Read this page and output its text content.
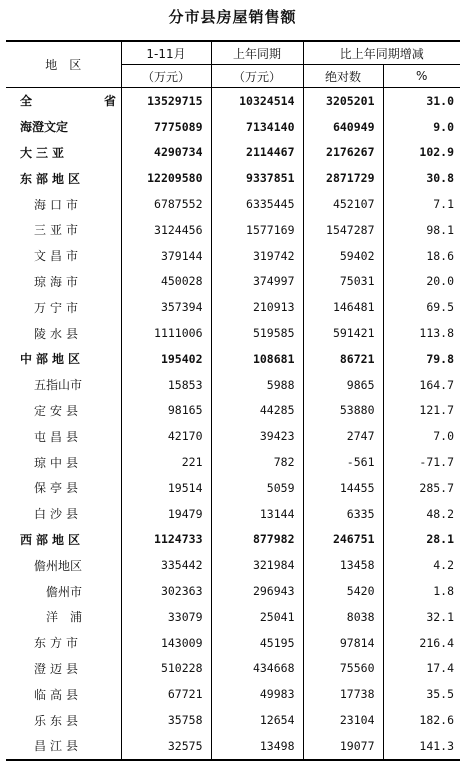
分市县房屋销售额
地　区	1-11月	上年同期	比上年同期增减	
	（万元）	（万元）	绝对数	%
全　省	13529715	10324514	3205201	31.0
海澄文定	7775089	7134140	640949	9.0
大三亚	4290734	2114467	2176267	102.9
东部地区	12209580	9337851	2871729	30.8
海口市	6787552	6335445	452107	7.1
三亚市	3124456	1577169	1547287	98.1
文昌市	379144	319742	59402	18.6
琼海市	450028	374997	75031	20.0
万宁市	357394	210913	146481	69.5
陵水县	1111006	519585	591421	113.8
中部地区	195402	108681	86721	79.8
五指山市	15853	5988	9865	164.7
定安县	98165	44285	53880	121.7
屯昌县	42170	39423	2747	7.0
琼中县	221	782	-561	-71.7
保亭县	19514	5059	14455	285.7
白沙县	19479	13144	6335	48.2
西部地区	1124733	877982	246751	28.1
儋州地区	335442	321984	13458	4.2
儋州市	302363	296943	5420	1.8
洋　浦	33079	25041	8038	32.1
东方市	143009	45195	97814	216.4
澄迈县	510228	434668	75560	17.4
临高县	67721	49983	17738	35.5
乐东县	35758	12654	23104	182.6
昌江县	32575	13498	19077	141.3
